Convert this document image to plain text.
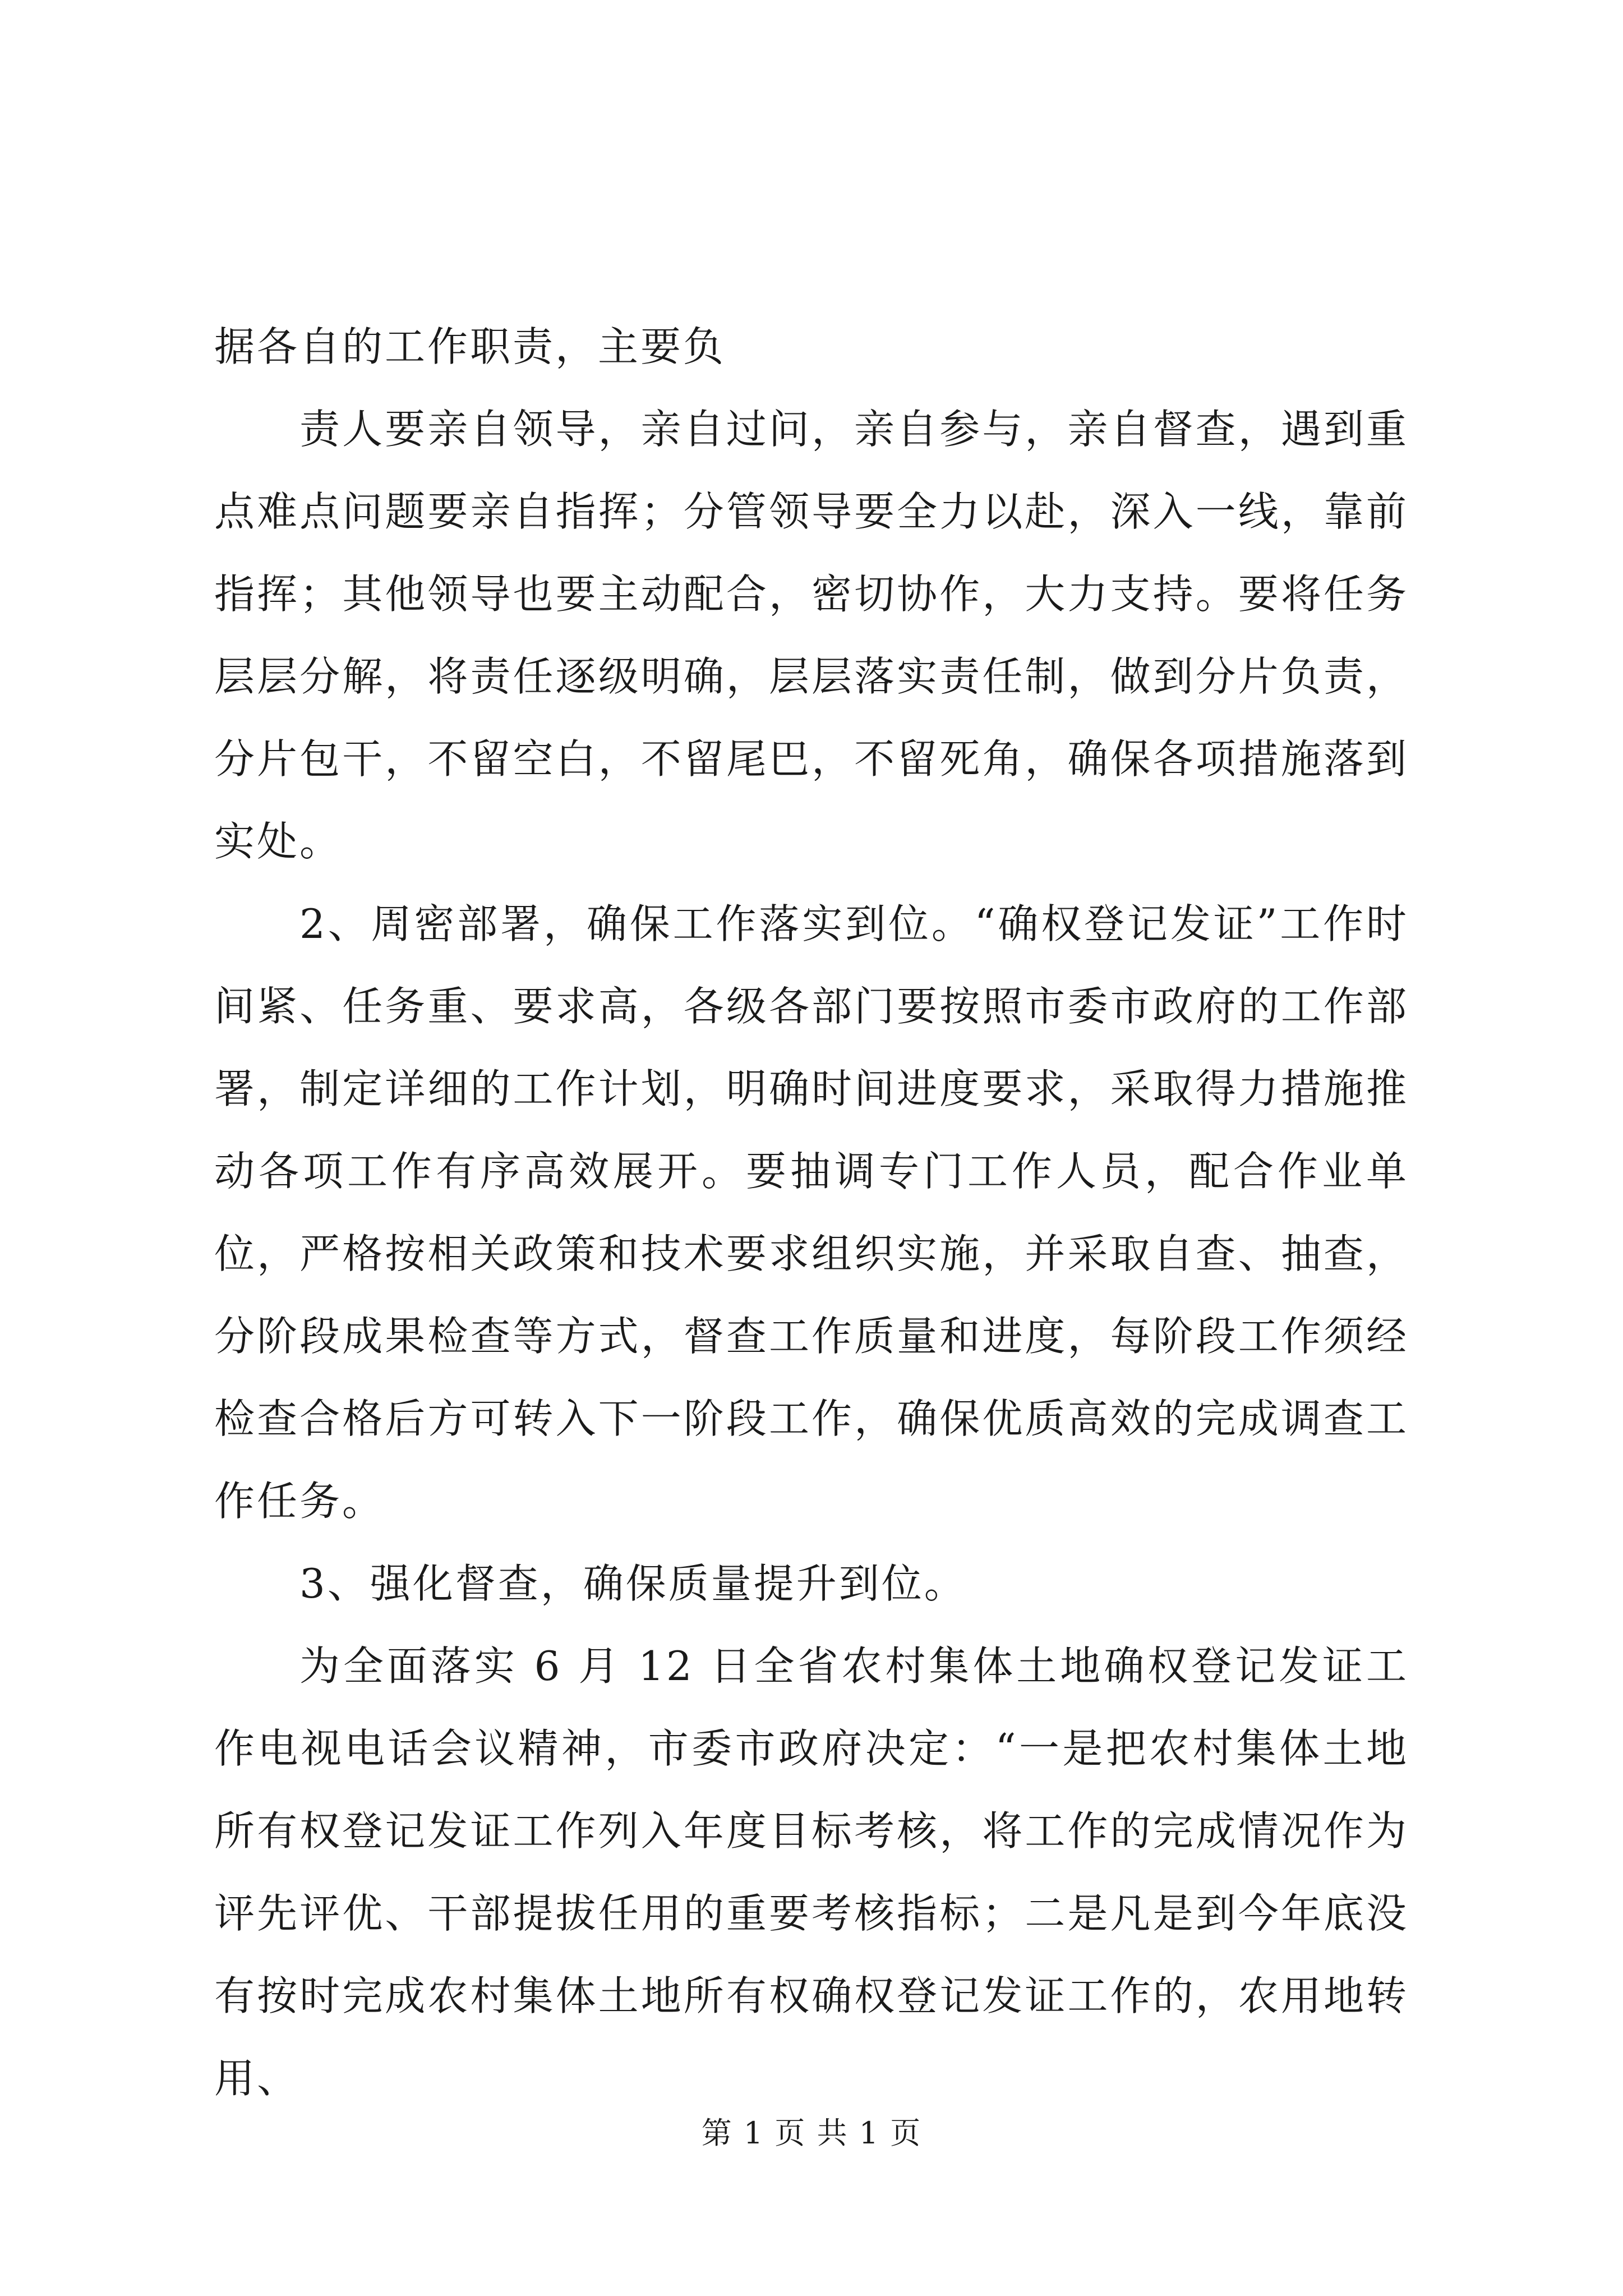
据各自的工作职责，主要负

责人要亲自领导，亲自过问，亲自参与，亲自督查，遇到重点难点问题要亲自指挥；分管领导要全力以赴，深入一线，靠前指挥；其他领导也要主动配合，密切协作，大力支持。要将任务层层分解，将责任逐级明确，层层落实责任制，做到分片负责，分片包干，不留空白，不留尾巴，不留死角，确保各项措施落到实处。

2、周密部署，确保工作落实到位。“确权登记发证”工作时间紧、任务重、要求高，各级各部门要按照市委市政府的工作部署，制定详细的工作计划，明确时间进度要求，采取得力措施推动各项工作有序高效展开。要抽调专门工作人员，配合作业单位，严格按相关政策和技术要求组织实施，并采取自查、抽查，分阶段成果检查等方式，督查工作质量和进度，每阶段工作须经检查合格后方可转入下一阶段工作，确保优质高效的完成调查工作任务。

3、强化督查，确保质量提升到位。

为全面落实 6 月 12 日全省农村集体土地确权登记发证工作电视电话会议精神，市委市政府决定：“一是把农村集体土地所有权登记发证工作列入年度目标考核，将工作的完成情况作为评先评优、干部提拔任用的重要考核指标；二是凡是到今年底没有按时完成农村集体土地所有权确权登记发证工作的，农用地转用、

第 1 页 共 1 页
